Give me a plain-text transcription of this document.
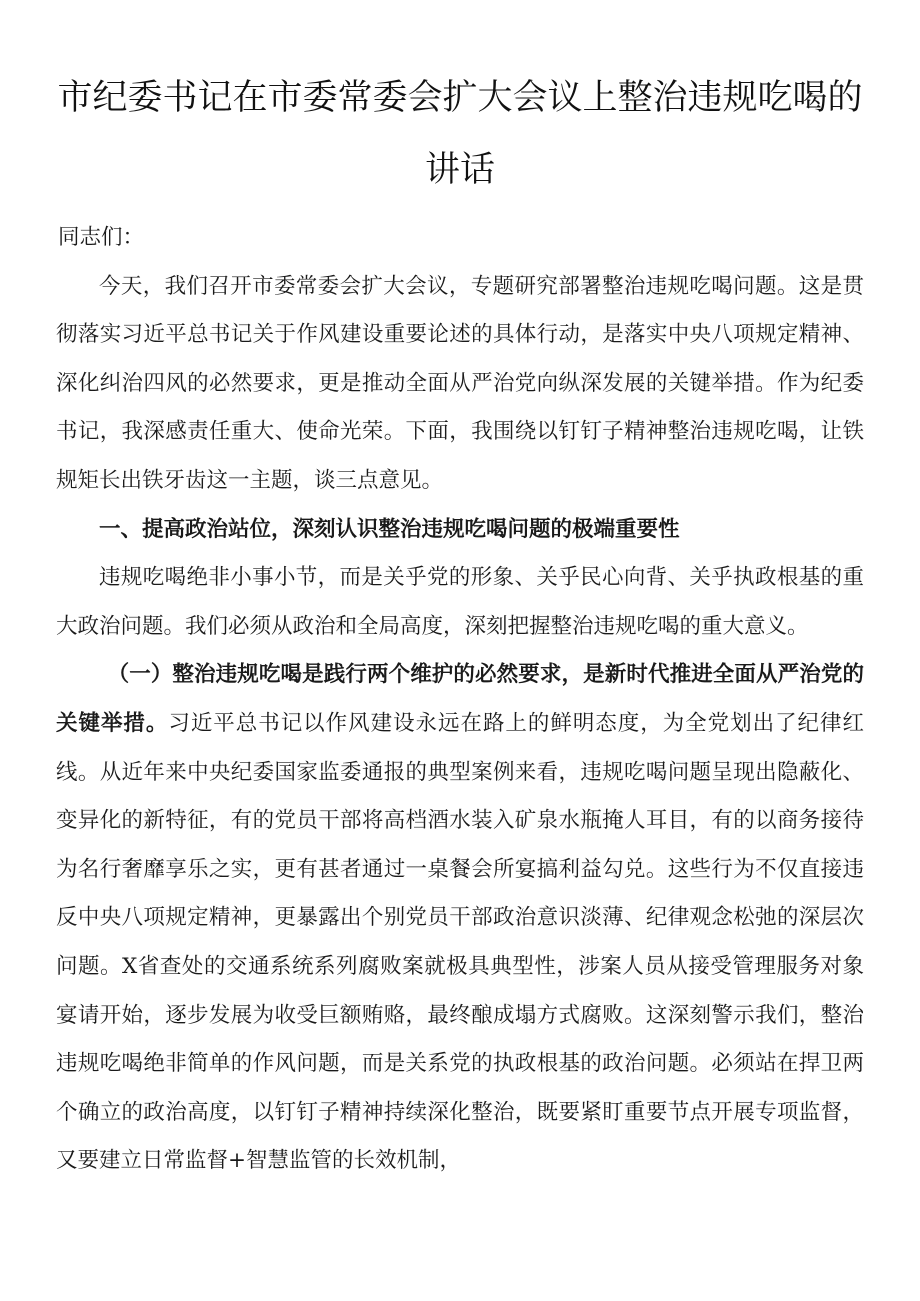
市纪委书记在市委常委会扩大会议上整治违规吃喝的
讲话

同志们：

今天，我们召开市委常委会扩大会议，专题研究部署整治违规吃喝问题。这是贯彻落实习近平总书记关于作风建设重要论述的具体行动，是落实中央八项规定精神、深化纠治四风的必然要求，更是推动全面从严治党向纵深发展的关键举措。作为纪委书记，我深感责任重大、使命光荣。下面，我围绕以钉钉子精神整治违规吃喝，让铁规矩长出铁牙齿这一主题，谈三点意见。

一、提高政治站位，深刻认识整治违规吃喝问题的极端重要性

违规吃喝绝非小事小节，而是关乎党的形象、关乎民心向背、关乎执政根基的重大政治问题。我们必须从政治和全局高度，深刻把握整治违规吃喝的重大意义。

（一）整治违规吃喝是践行两个维护的必然要求，是新时代推进全面从严治党的关键举措。习近平总书记以作风建设永远在路上的鲜明态度，为全党划出了纪律红线。从近年来中央纪委国家监委通报的典型案例来看，违规吃喝问题呈现出隐蔽化、变异化的新特征，有的党员干部将高档酒水装入矿泉水瓶掩人耳目，有的以商务接待为名行奢靡享乐之实，更有甚者通过一桌餐会所宴搞利益勾兑。这些行为不仅直接违反中央八项规定精神，更暴露出个别党员干部政治意识淡薄、纪律观念松弛的深层次问题。X省查处的交通系统系列腐败案就极具典型性，涉案人员从接受管理服务对象宴请开始，逐步发展为收受巨额贿赂，最终酿成塌方式腐败。这深刻警示我们，整治违规吃喝绝非简单的作风问题，而是关系党的执政根基的政治问题。必须站在捍卫两个确立的政治高度，以钉钉子精神持续深化整治，既要紧盯重要节点开展专项监督，又要建立日常监督+智慧监管的长效机制，
